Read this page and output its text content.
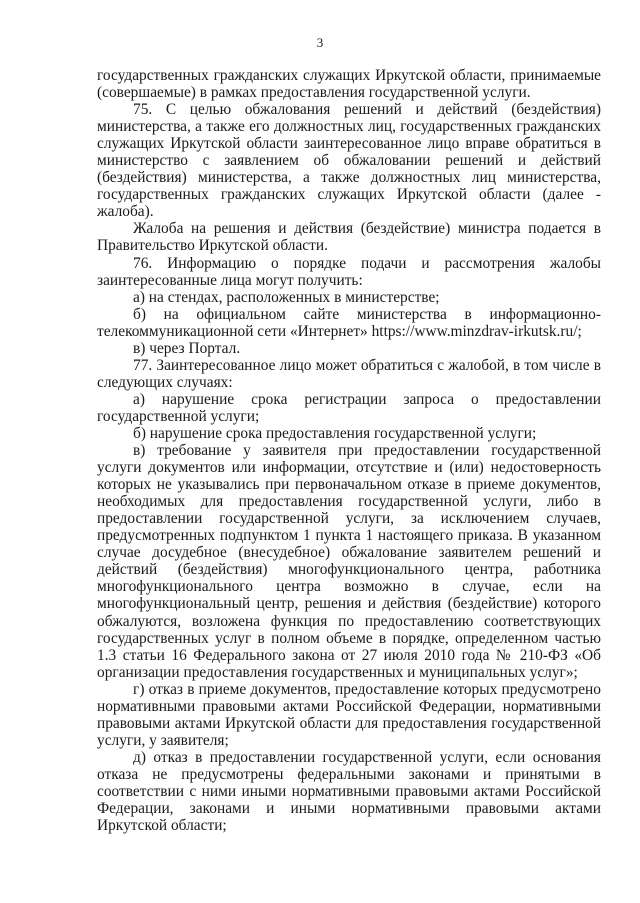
3

государственных гражданских служащих Иркутской области, принимаемые (совершаемые) в рамках предоставления государственной услуги.

75. С целью обжалования решений и действий (бездействия) министерства, а также его должностных лиц, государственных гражданских служащих Иркутской области заинтересованное лицо вправе обратиться в министерство с заявлением об обжаловании решений и действий (бездействия) министерства, а также должностных лиц министерства, государственных гражданских служащих Иркутской области (далее - жалоба).

Жалоба на решения и действия (бездействие) министра подается в Правительство Иркутской области.

76. Информацию о порядке подачи и рассмотрения жалобы заинтересованные лица могут получить:

а) на стендах, расположенных в министерстве;

б) на официальном сайте министерства в информационно-телекоммуникационной сети «Интернет» https://www.minzdrav-irkutsk.ru/;

в) через Портал.

77. Заинтересованное лицо может обратиться с жалобой, в том числе в следующих случаях:

а) нарушение срока регистрации запроса о предоставлении государственной услуги;

б) нарушение срока предоставления государственной услуги;

в) требование у заявителя при предоставлении государственной услуги документов или информации, отсутствие и (или) недостоверность которых не указывались при первоначальном отказе в приеме документов, необходимых для предоставления государственной услуги, либо в предоставлении государственной услуги, за исключением случаев, предусмотренных подпунктом 1 пункта 1 настоящего приказа. В указанном случае досудебное (внесудебное) обжалование заявителем решений и действий (бездействия) многофункционального центра, работника многофункционального центра возможно в случае, если на многофункциональный центр, решения и действия (бездействие) которого обжалуются, возложена функция по предоставлению соответствующих государственных услуг в полном объеме в порядке, определенном частью 1.3 статьи 16 Федерального закона от 27 июля 2010 года № 210-ФЗ «Об организации предоставления государственных и муниципальных услуг»;

г) отказ в приеме документов, предоставление которых предусмотрено нормативными правовыми актами Российской Федерации, нормативными правовыми актами Иркутской области для предоставления государственной услуги, у заявителя;

д) отказ в предоставлении государственной услуги, если основания отказа не предусмотрены федеральными законами и принятыми в соответствии с ними иными нормативными правовыми актами Российской Федерации, законами и иными нормативными правовыми актами Иркутской области;
